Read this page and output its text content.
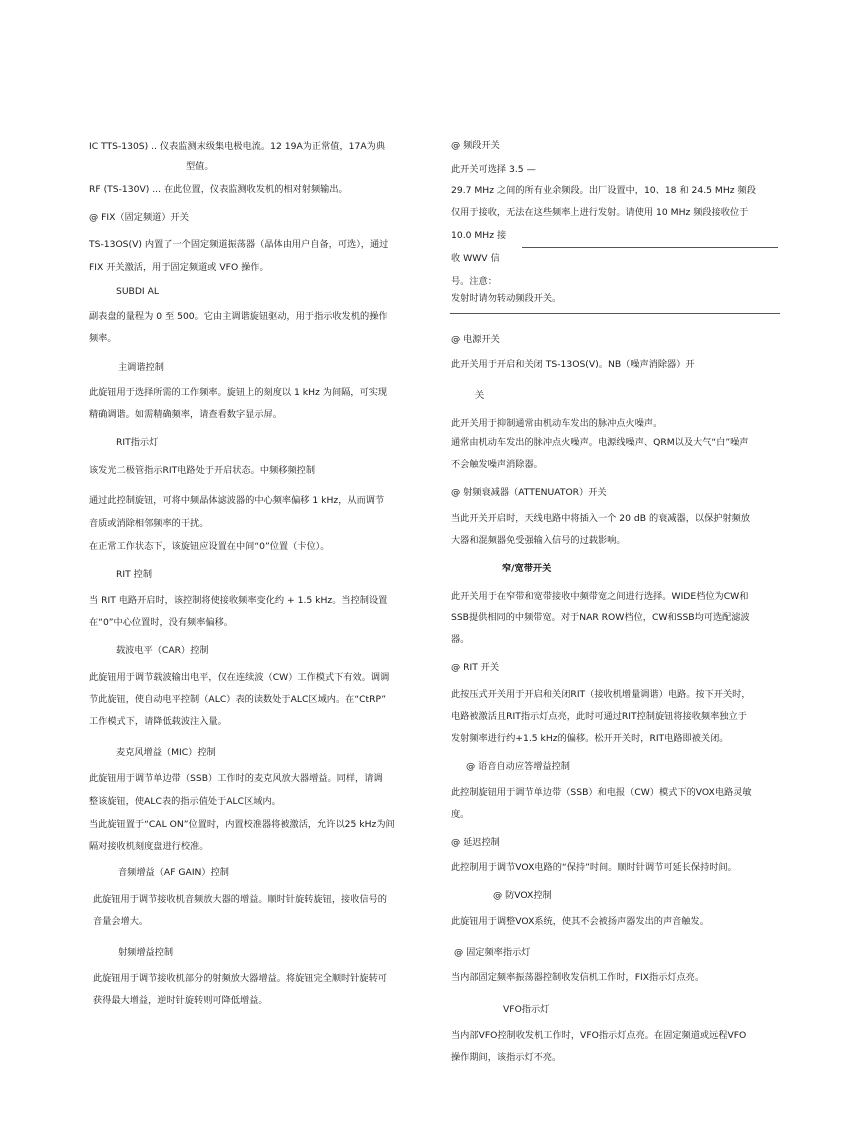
IC TTS-130S) .. 仪表监测末级集电极电流。12 19A为正常值，17A为典
型值。
RF (TS-130V) ... 在此位置，仪表监测收发机的相对射频输出。
@ FIX（固定频道）开关
TS-13OS(V) 内置了一个固定频道振荡器（晶体由用户自备，可选），通过
FIX 开关激活，用于固定频道或 VFO 操作。
SUBDI AL
副表盘的量程为 0 至 500。它由主调谐旋钮驱动，用于指示收发机的操作
频率。
主调谐控制
此旋钮用于选择所需的工作频率。旋钮上的刻度以 1 kHz 为间隔，可实现
精确调谐。如需精确频率，请查看数字显示屏。
RIT指示灯
该发光二极管指示RIT电路处于开启状态。中频移频控制
通过此控制旋钮，可将中频晶体滤波器的中心频率偏移 1 kHz，从而调节
音质或消除相邻频率的干扰。
在正常工作状态下，该旋钮应设置在中间“0”位置（卡位）。
RIT 控制
当 RIT 电路开启时，该控制将使接收频率变化约 + 1.5 kHz。当控制设置
在“0”中心位置时，没有频率偏移。
载波电平（CAR）控制
此旋钮用于调节载波输出电平，仅在连续波（CW）工作模式下有效。调调
节此旋钮，使自动电平控制（ALC）表的读数处于ALC区域内。在“CtRP”
工作模式下，请降低载波注入量。
麦克风增益（MIC）控制
此旋钮用于调节单边带（SSB）工作时的麦克风放大器增益。同样，请调
整该旋钮，使ALC表的指示值处于ALC区域内。
当此旋钮置于“CAL ON”位置时，内置校准器将被激活，允许以25 kHz为间
隔对接收机刻度盘进行校准。
音频增益（AF GAIN）控制
此旋钮用于调节接收机音频放大器的增益。顺时针旋转旋钮，接收信号的
音量会增大。
射频增益控制
此旋钮用于调节接收机部分的射频放大器增益。将旋钮完全顺时针旋转可
获得最大增益，逆时针旋转则可降低增益。
@ 频段开关
此开关可选择 3.5 —
29.7 MHz 之间的所有业余频段。出厂设置中，10、18 和 24.5 MHz 频段
仅用于接收，无法在这些频率上进行发射。请使用 10 MHz 频段接收位于
10.0 MHz 接
收 WWV 信
号。注意：
发射时请勿转动频段开关。
@ 电源开关
此开关用于开启和关闭 TS-13OS(V)。NB（噪声消除器）开
关
此开关用于抑制通常由机动车发出的脉冲点火噪声。
通常由机动车发出的脉冲点火噪声。电源线噪声、QRM以及大气“白”噪声
不会触发噪声消除器。
@ 射频衰减器（ATTENUATOR）开关
当此开关开启时，天线电路中将插入一个 20 dB 的衰减器，以保护射频放
大器和混频器免受强输入信号的过载影响。
窄/宽带开关
此开关用于在窄带和宽带接收中频带宽之间进行选择。WIDE档位为CW和
SSB提供相同的中频带宽。对于NAR ROW档位，CW和SSB均可选配滤波
器。
@ RIT 开关
此按压式开关用于开启和关闭RIT（接收机增量调谐）电路。按下开关时，
电路被激活且RIT指示灯点亮，此时可通过RIT控制旋钮将接收频率独立于
发射频率进行约+1.5 kHz的偏移。松开开关时，RIT电路即被关闭。
@ 语音自动应答增益控制
此控制旋钮用于调节单边带（SSB）和电报（CW）模式下的VOX电路灵敏
度。
@ 延迟控制
此控制用于调节VOX电路的“保持”时间。顺时针调节可延长保持时间。
@ 防VOX控制
此旋钮用于调整VOX系统，使其不会被扬声器发出的声音触发。
@ 固定频率指示灯
当内部固定频率振荡器控制收发信机工作时，FIX指示灯点亮。
VFO指示灯
当内部VFO控制收发机工作时，VFO指示灯点亮。在固定频道或远程VFO
操作期间，该指示灯不亮。
